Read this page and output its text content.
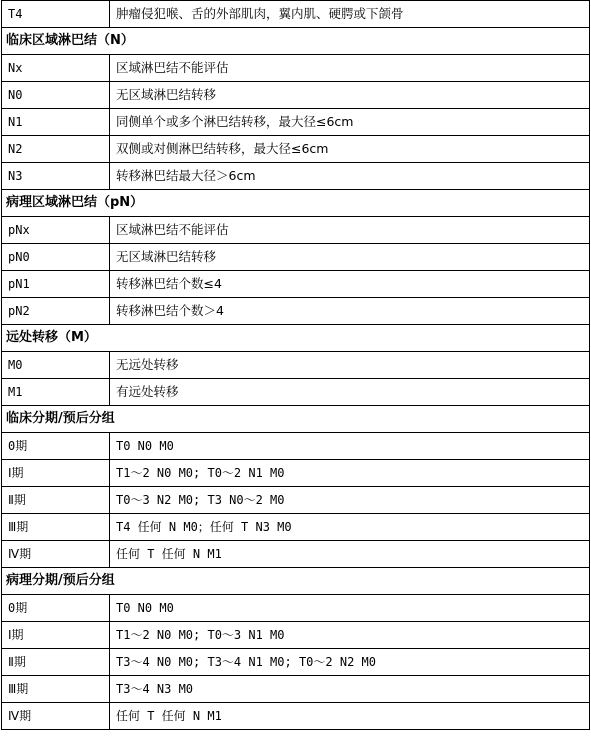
T4	肿瘤侵犯喉、舌的外部肌肉，翼内肌、硬腭或下颌骨
临床区域淋巴结（N）	
Nx	区域淋巴结不能评估
N0	无区域淋巴结转移
N1	同侧单个或多个淋巴结转移，最大径≤6cm
N2	双侧或对侧淋巴结转移，最大径≤6cm
N3	转移淋巴结最大径＞6cm
病理区域淋巴结（pN）	
pNx	区域淋巴结不能评估
pN0	无区域淋巴结转移
pN1	转移淋巴结个数≤4
pN2	转移淋巴结个数＞4
远处转移（M）	
M0	无远处转移
M1	有远处转移
临床分期/预后分组	
0期	T0 N0 M0
Ⅰ期	T1～2 N0 M0; T0～2 N1 M0
Ⅱ期	T0～3 N2 M0; T3 N0～2 M0
Ⅲ期	T4 任何 N M0；任何 T N3 M0
Ⅳ期	任何 T 任何 N M1
病理分期/预后分组	
0期	T0 N0 M0
Ⅰ期	T1～2 N0 M0; T0～3 N1 M0
Ⅱ期	T3～4 N0 M0; T3～4 N1 M0; T0～2 N2 M0
Ⅲ期	T3～4 N3 M0
Ⅳ期	任何 T 任何 N M1
